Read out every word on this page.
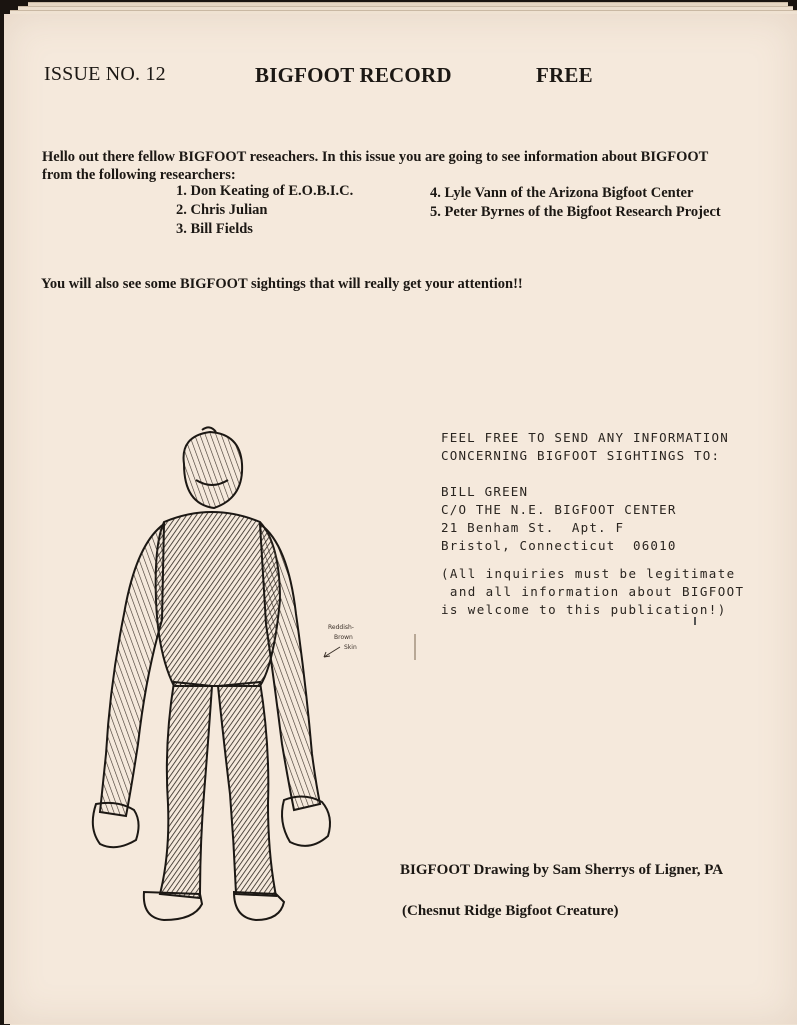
ISSUE NO. 12	BIGFOOT RECORD	FREE
Hello out there fellow BIGFOOT reseachers. In this issue you are going to see information about BIGFOOT from the following researchers:
1. Don Keating of E.O.B.I.C.
2. Chris Julian
3. Bill Fields
4. Lyle Vann of the Arizona Bigfoot Center
5. Peter Byrnes of the Bigfoot Research Project
You will also see some BIGFOOT sightings that will really get your attention!!
FEEL FREE TO SEND ANY INFORMATION
CONCERNING BIGFOOT SIGHTINGS TO:
BILL GREEN
C/O THE N.E. BIGFOOT CENTER
21 Benham St.  Apt. F
Bristol, Connecticut  06010
(All inquiries must be legitimate
and all information about BIGFOOT
is welcome to this publication!)
Reddish-
Brown
Skin
BIGFOOT Drawing by Sam Sherrys of Ligner, PA
(Chesnut Ridge Bigfoot Creature)
